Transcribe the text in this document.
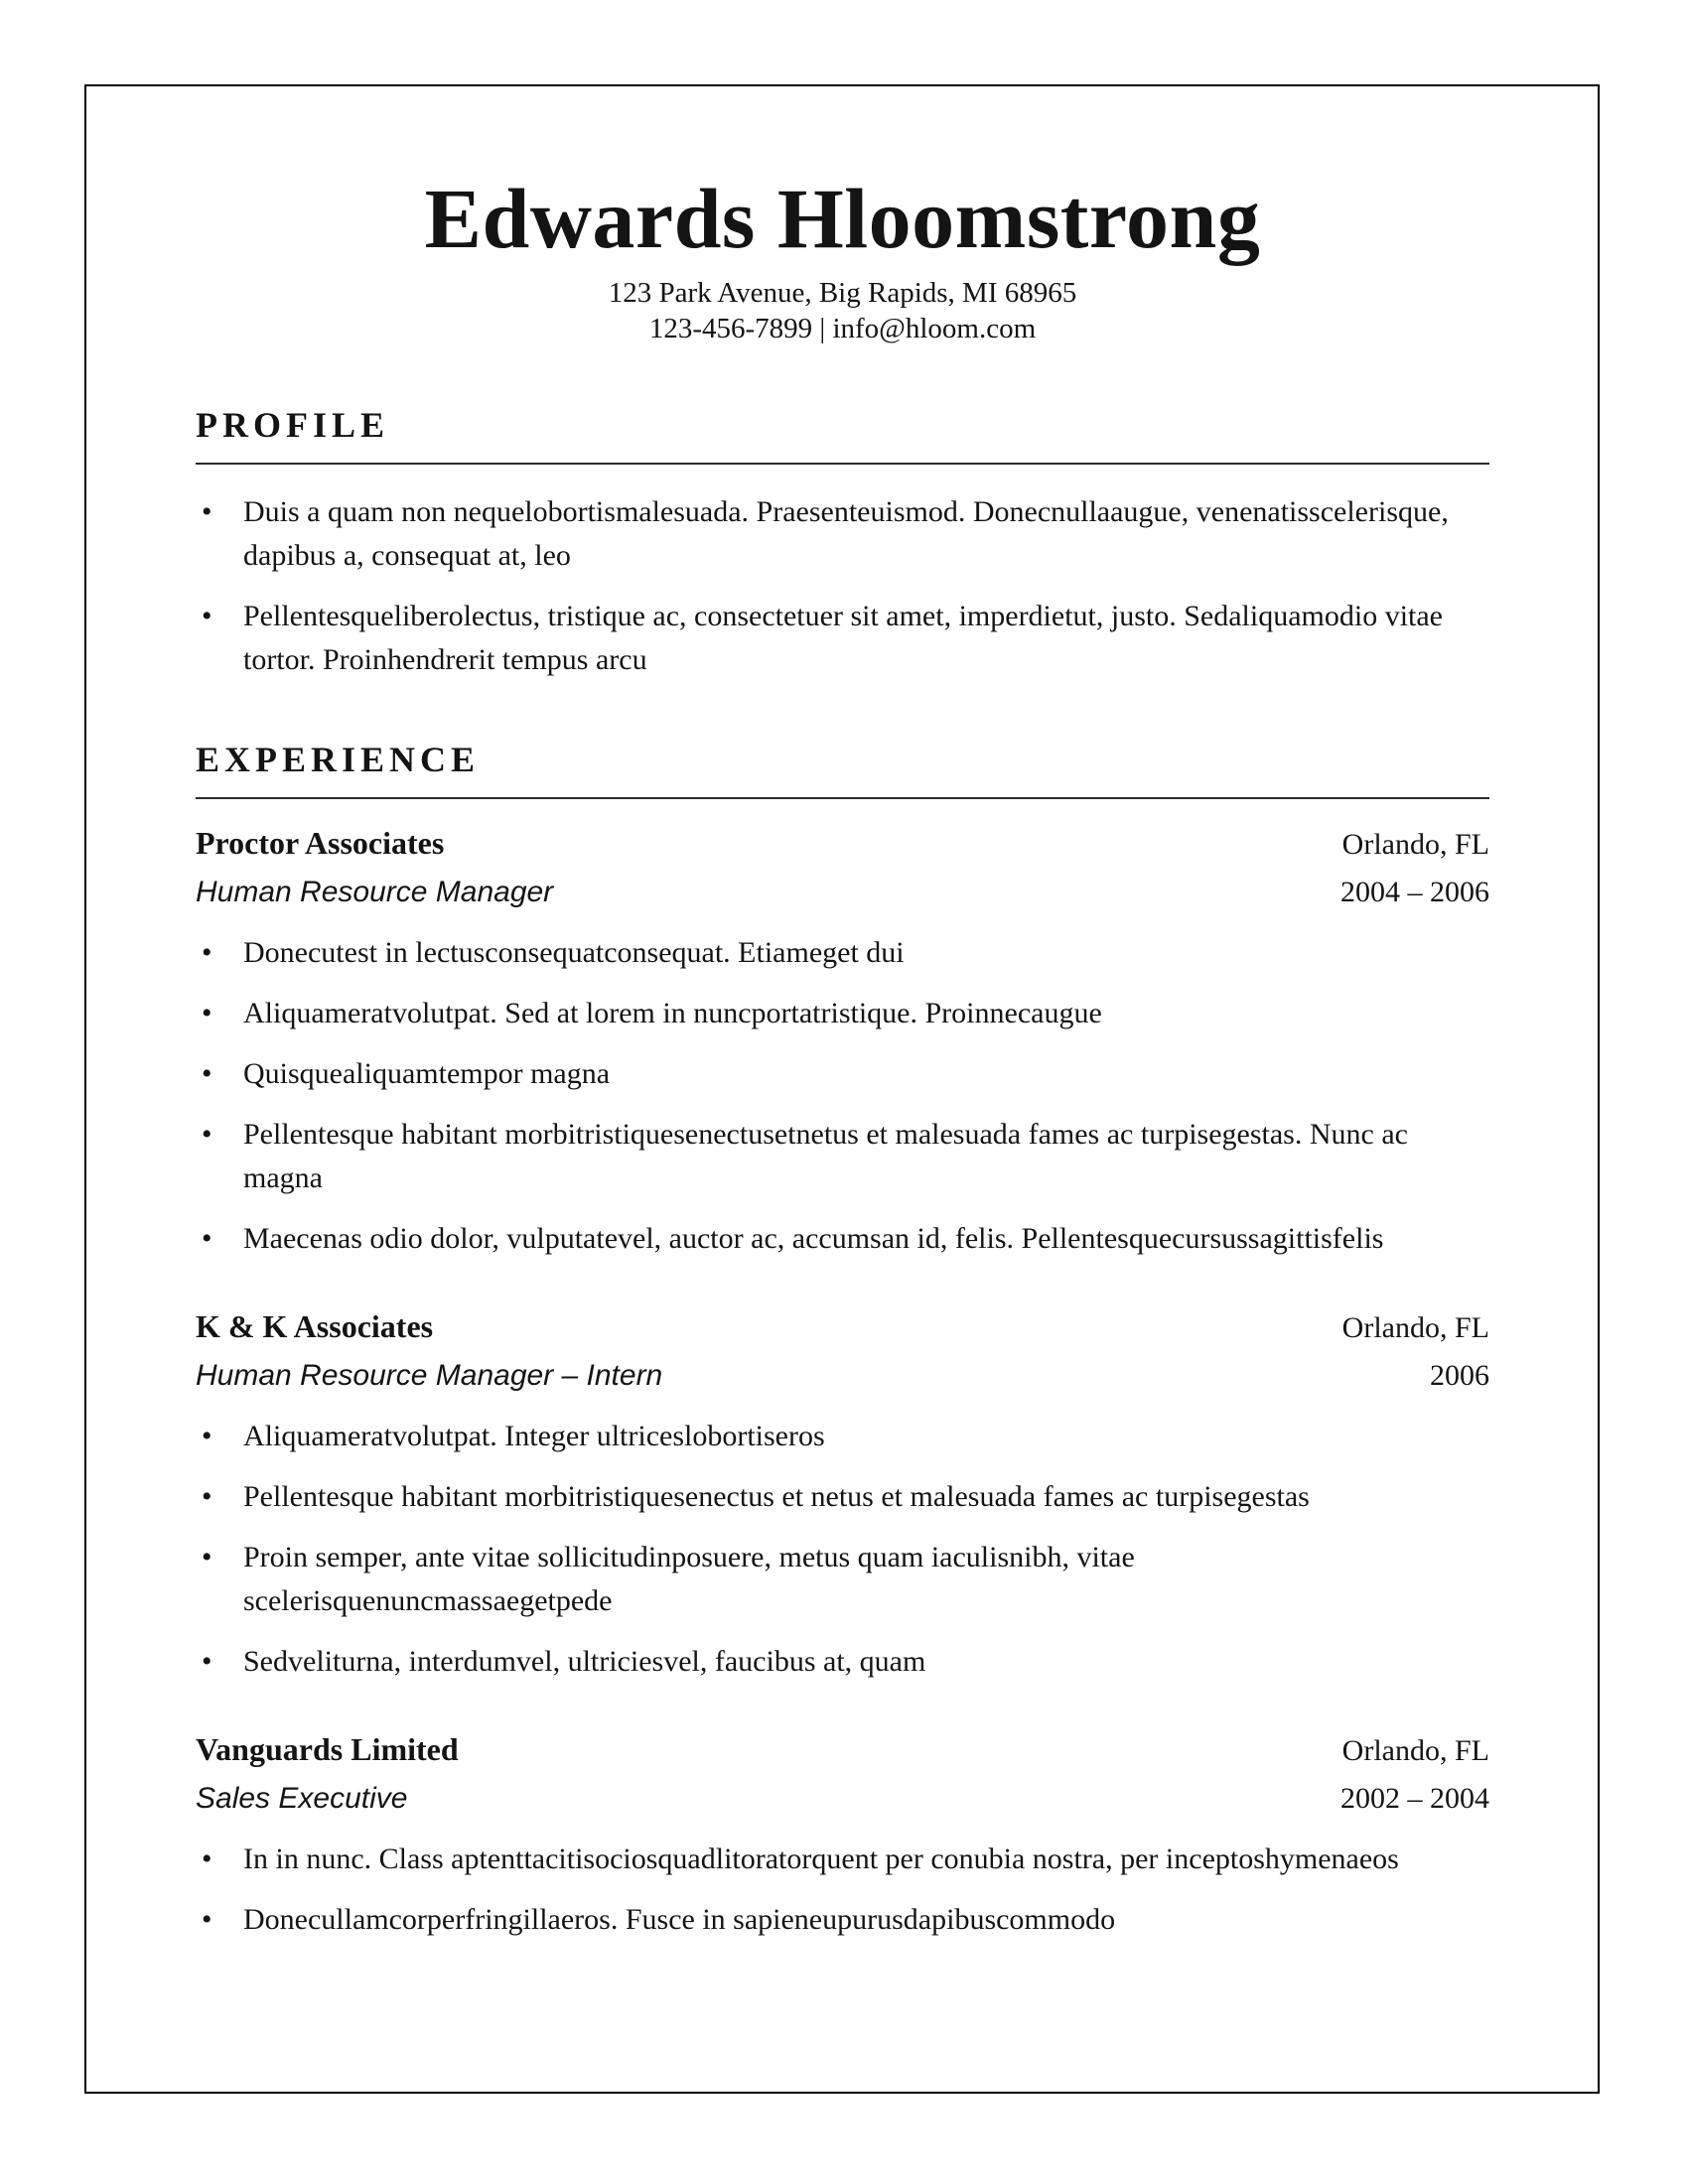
Edwards Hloomstrong
123 Park Avenue, Big Rapids, MI 68965
123-456-7899 | info@hloom.com
PROFILE
• Duis a quam non nequelobortismalesuada. Praesenteuismod. Donecnullaaugue, venenatisscelerisque, dapibus a, consequat at, leo
• Pellentesqueliberolectus, tristique ac, consectetuer sit amet, imperdietut, justo. Sedaliquamodio vitae tortor. Proinhendrerit tempus arcu
EXPERIENCE
Proctor Associates	Orlando, FL
Human Resource Manager	2004 – 2006
• Donecutest in lectusconsequatconsequat. Etiameget dui
• Aliquameratvolutpat. Sed at lorem in nuncportatristique. Proinnecaugue
• Quisquealiquamtempor magna
• Pellentesque habitant morbitristiquesenectusetnetus et malesuada fames ac turpisegestas. Nunc ac magna
• Maecenas odio dolor, vulputatevel, auctor ac, accumsan id, felis. Pellentesquecursussagittisfelis
K & K Associates	Orlando, FL
Human Resource Manager – Intern	2006
• Aliquameratvolutpat. Integer ultriceslobortiseros
• Pellentesque habitant morbitristiquesenectus et netus et malesuada fames ac turpisegestas
• Proin semper, ante vitae sollicitudinposuere, metus quam iaculisnibh, vitae scelerisquenuncmassaegetpede
• Sedveliturna, interdumvel, ultriciesvel, faucibus at, quam
Vanguards Limited	Orlando, FL
Sales Executive	2002 – 2004
• In in nunc. Class aptenttacitisociosquadlitoratorquent per conubia nostra, per inceptoshymenaeos
• Donecullamcorperfringillaeros. Fusce in sapieneupurusdapibuscommodo
